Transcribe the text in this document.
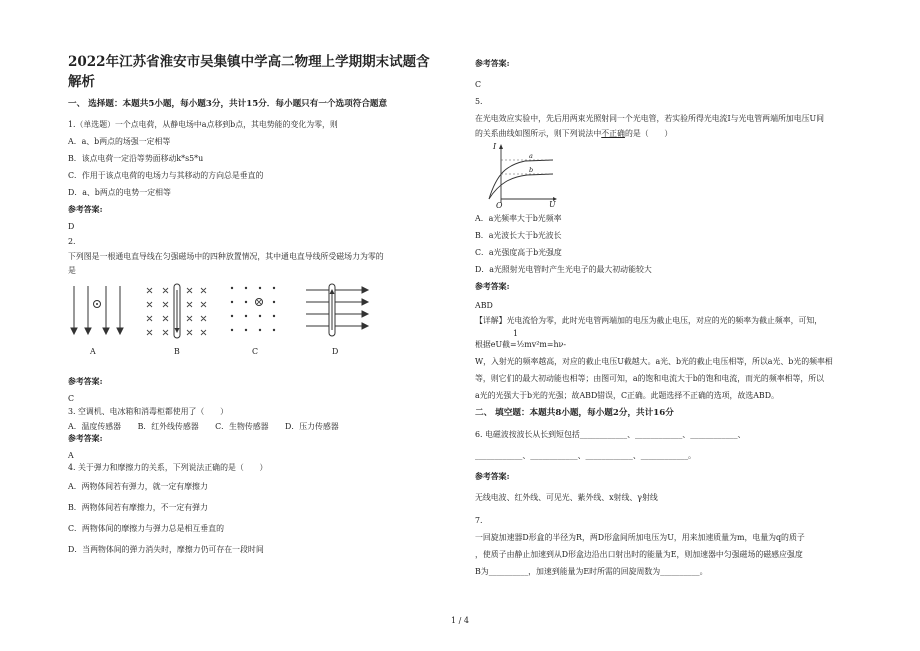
2022年江苏省淮安市吴集镇中学高二物理上学期期末试题含解析
一、 选择题：本题共5小题，每小题3分，共计15分．每小题只有一个选项符合题意
1.（单选题）一个点电荷，从静电场中a点移到b点，其电势能的变化为零，则
A．a、b两点的场强一定相等
B．该点电荷一定沿等势面移动k*s5*u
C．作用于该点电荷的电场力与其移动的方向总是垂直的
D．a、b两点的电势一定相等
参考答案:
D
2.
下列图是一根通电直导线在匀强磁场中的四种放置情况，其中通电直导线所受磁场力为零的
是
A	B	C	D
参考答案:
C
3. 空调机、电冰箱和消毒柜都使用了（　　）
A．温度传感器 B．红外线传感器 C．生物传感器 D．压力传感器
参考答案:
A
4. 关于弹力和摩擦力的关系，下列说法正确的是（　　）
A．两物体间若有弹力，就一定有摩擦力
B．两物体间若有摩擦力，不一定有弹力
C．两物体间的摩擦力与弹力总是相互垂直的
D．当两物体间的弹力消失时，摩擦力仍可存在一段时间
参考答案:
C
5.
在光电效应实验中，先后用两束光照射同一个光电管，若实验所得光电流I与光电管两端所加电压U间
的关系曲线如图所示，则下列说法中不正确的是（　　）
I
U
O
a
b
A．a光频率大于b光频率
B．a光波长大于b光波长
C．a光强度高于b光强度
D．a光照射光电管时产生光电子的最大初动能较大
参考答案:
ABD
【详解】光电流恰为零，此时光电管两端加的电压为截止电压，对应的光的频率为截止频率，可知，
1
根据eU截=½mv²m=hν-
W，入射光的频率越高，对应的截止电压U截越大。a光、b光的截止电压相等，所以a光、b光的频率相
等，则它们的最大初动能也相等；由图可知，a的饱和电流大于b的饱和电流，而光的频率相等，所以
a光的光强大于b光的光强；故ABD错误，C正确。此题选择不正确的选项，故选ABD。
二、 填空题：本题共8小题，每小题2分，共计16分
6. 电磁波按波长从长到短包括____________、____________、____________、
____________、____________、____________、____________。
参考答案:
无线电波、红外线、可见光、紫外线、x射线、γ射线
7.
一回旋加速器D形盒的半径为R，两D形盒间所加电压为U，用来加速质量为m，电量为q的质子
，使质子由静止加速到从D形盒边沿出口射出时的能量为E，则加速器中匀强磁场的磁感应强度
B为__________，加速到能量为E时所需的回旋周数为__________。
1 / 4
